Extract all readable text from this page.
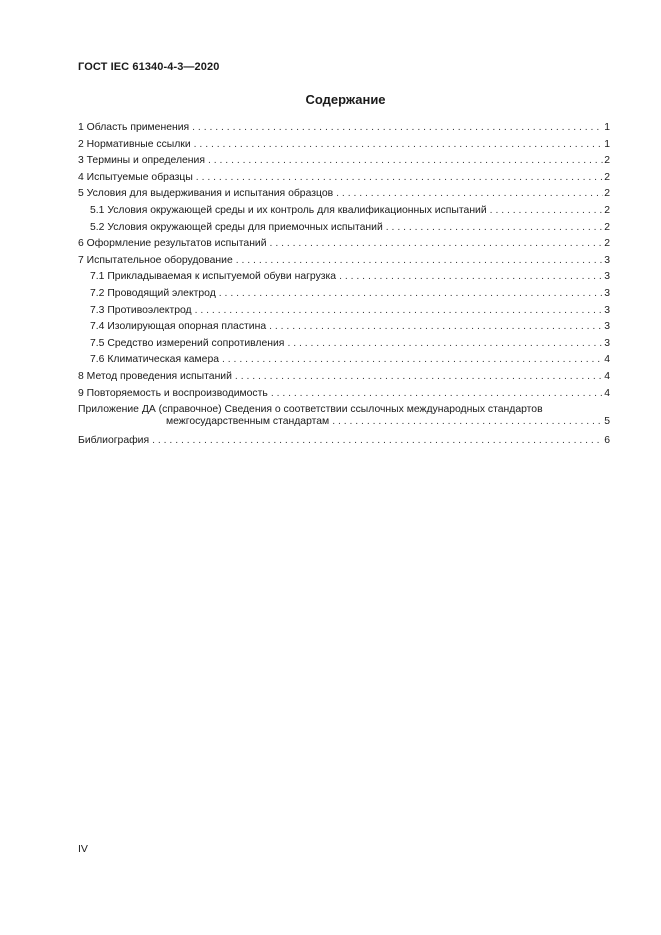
ГОСТ IEC 61340-4-3—2020
Содержание
1 Область применения . . .	1
2 Нормативные ссылки . . .	1
3 Термины и определения . . .	2
4 Испытуемые образцы . . .	2
5 Условия для выдерживания и испытания образцов . . .	2
5.1 Условия окружающей среды и их контроль для квалификационных испытаний . . .	2
5.2 Условия окружающей среды для приемочных испытаний . . .	2
6 Оформление результатов испытаний . . .	2
7 Испытательное оборудование . . .	3
7.1 Прикладываемая к испытуемой обуви нагрузка . . .	3
7.2 Проводящий электрод . . .	3
7.3 Противоэлектрод . . .	3
7.4 Изолирующая опорная пластина . . .	3
7.5 Средство измерений сопротивления . . .	3
7.6 Климатическая камера . . .	4
8 Метод проведения испытаний . . .	4
9 Повторяемость и воспроизводимость . . .	4
Приложение ДА (справочное) Сведения о соответствии ссылочных международных стандартов
межгосударственным стандартам . . .	5
Библиография . . .	6
IV
